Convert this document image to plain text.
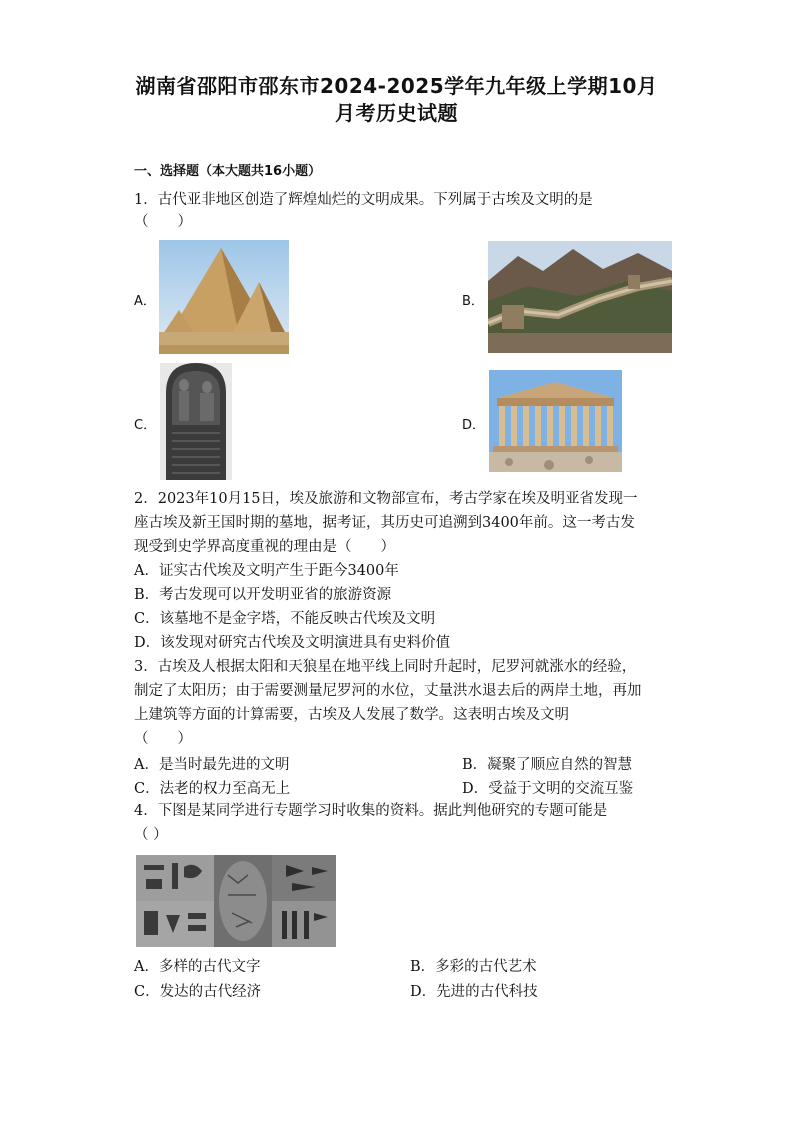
湖南省邵阳市邵东市2024-2025学年九年级上学期10月
月考历史试题
一、选择题（本大题共16小题）
1．古代亚非地区创造了辉煌灿烂的文明成果。下列属于古埃及文明的是
（　　）
A．	B．
C．	D．
2．2023年10月15日，埃及旅游和文物部宣布，考古学家在埃及明亚省发现一
座古埃及新王国时期的墓地，据考证，其历史可追溯到3400年前。这一考古发
现受到史学界高度重视的理由是（　　）
A．证实古代埃及文明产生于距今3400年
B．考古发现可以开发明亚省的旅游资源
C．该墓地不是金字塔，不能反映古代埃及文明
D．该发现对研究古代埃及文明演进具有史料价值
3．古埃及人根据太阳和天狼星在地平线上同时升起时，尼罗河就涨水的经验，
制定了太阳历；由于需要测量尼罗河的水位，丈量洪水退去后的两岸土地，再加
上建筑等方面的计算需要，古埃及人发展了数学。这表明古埃及文明
（　　）
A．是当时最先进的文明	B．凝聚了顺应自然的智慧
C．法老的权力至高无上	D．受益于文明的交流互鉴
4．下图是某同学进行专题学习时收集的资料。据此判他研究的专题可能是
（ ）
A．多样的古代文字	B．多彩的古代艺术
C．发达的古代经济	D．先进的古代科技
